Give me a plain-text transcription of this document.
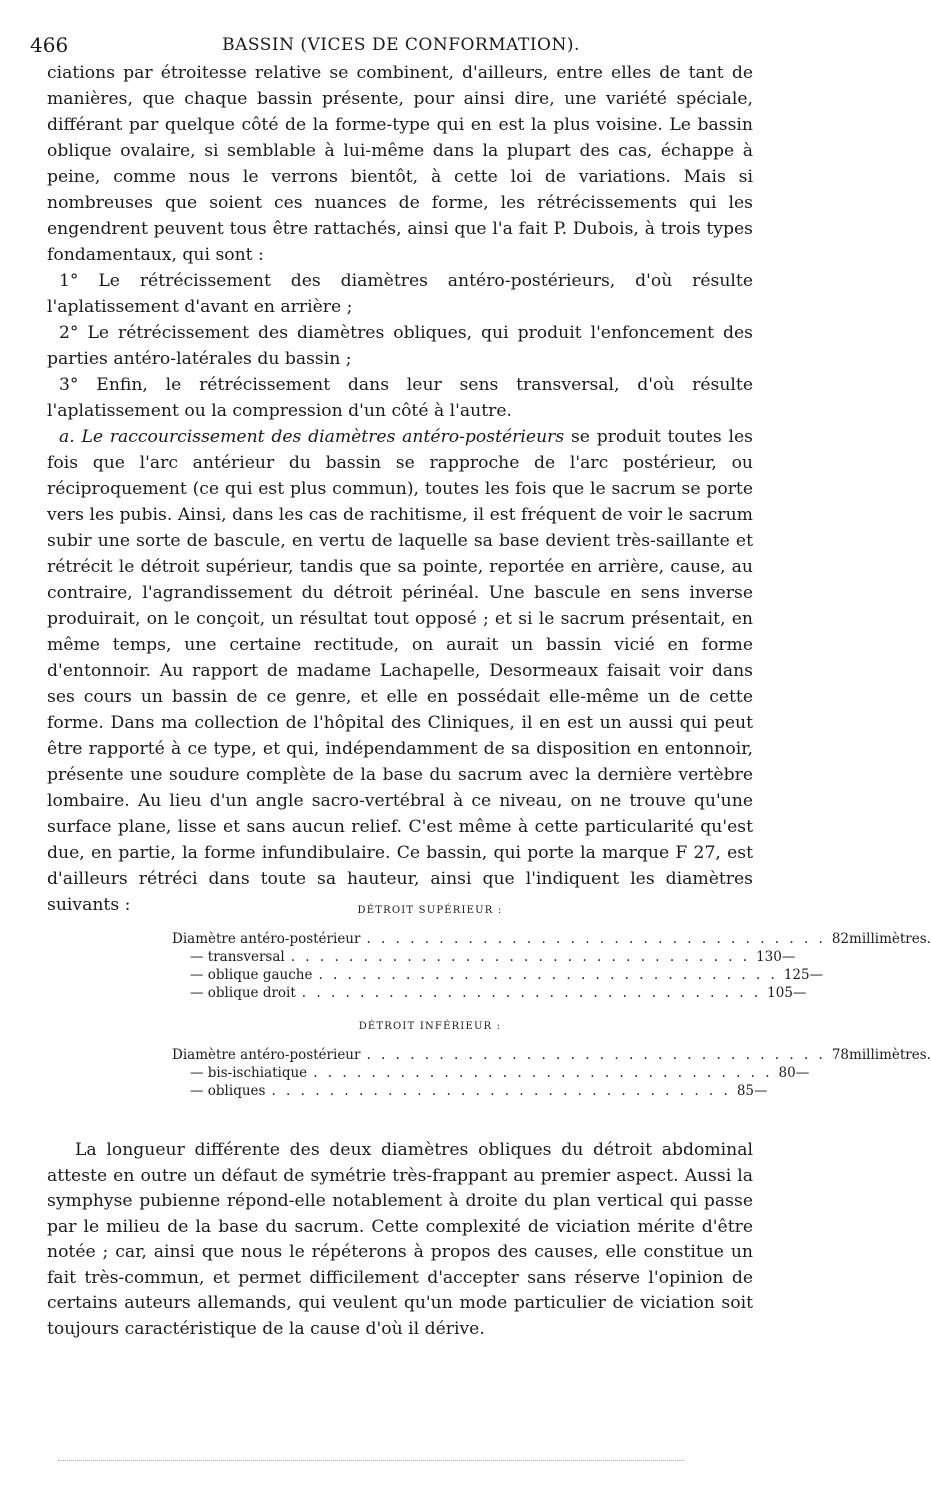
466	BASSIN (VICES DE CONFORMATION).

ciations par étroitesse relative se combinent, d'ailleurs, entre elles de tant de manières, que chaque bassin présente, pour ainsi dire, une variété spéciale, différant par quelque côté de la forme-type qui en est la plus voisine. Le bassin oblique ovalaire, si semblable à lui-même dans la plupart des cas, échappe à peine, comme nous le verrons bientôt, à cette loi de variations. Mais si nombreuses que soient ces nuances de forme, les rétrécissements qui les engendrent peuvent tous être rattachés, ainsi que l'a fait P. Dubois, à trois types fondamentaux, qui sont :

1° Le rétrécissement des diamètres antéro-postérieurs, d'où résulte l'aplatissement d'avant en arrière ;

2° Le rétrécissement des diamètres obliques, qui produit l'enfoncement des parties antéro-latérales du bassin ;

3° Enfin, le rétrécissement dans leur sens transversal, d'où résulte l'aplatissement ou la compression d'un côté à l'autre.

a. Le raccourcissement des diamètres antéro-postérieurs se produit toutes les fois que l'arc antérieur du bassin se rapproche de l'arc postérieur, ou réciproquement (ce qui est plus commun), toutes les fois que le sacrum se porte vers les pubis. Ainsi, dans les cas de rachitisme, il est fréquent de voir le sacrum subir une sorte de bascule, en vertu de laquelle sa base devient très-saillante et rétrécit le détroit supérieur, tandis que sa pointe, reportée en arrière, cause, au contraire, l'agrandissement du détroit périnéal. Une bascule en sens inverse produirait, on le conçoit, un résultat tout opposé ; et si le sacrum présentait, en même temps, une certaine rectitude, on aurait un bassin vicié en forme d'entonnoir. Au rapport de madame Lachapelle, Desormeaux faisait voir dans ses cours un bassin de ce genre, et elle en possédait elle-même un de cette forme. Dans ma collection de l'hôpital des Cliniques, il en est un aussi qui peut être rapporté à ce type, et qui, indépendamment de sa disposition en entonnoir, présente une soudure complète de la base du sacrum avec la dernière vertèbre lombaire. Au lieu d'un angle sacro-vertébral à ce niveau, on ne trouve qu'une surface plane, lisse et sans aucun relief. C'est même à cette particularité qu'est due, en partie, la forme infundibulaire. Ce bassin, qui porte la marque F 27, est d'ailleurs rétréci dans toute sa hauteur, ainsi que l'indiquent les diamètres suivants :	DÉTROIT SUPÉRIEUR :
Diamètre antéro-postérieur . . . . . . . . . . . . . . . . . . . . . . . . . . . . . . . . 82 millimètres.
— transversal . . . . . . . . . . . . . . . . . . . . . . . . . . . . . . . . 130 —
— oblique gauche . . . . . . . . . . . . . . . . . . . . . . . . . . . . . . . . 125 —
— oblique droit . . . . . . . . . . . . . . . . . . . . . . . . . . . . . . . . 105 —
DÉTROIT INFÉRIEUR :
Diamètre antéro-postérieur . . . . . . . . . . . . . . . . . . . . . . . . . . . . . . . . 78 millimètres.
— bis-ischiatique . . . . . . . . . . . . . . . . . . . . . . . . . . . . . . . . 80 —
— obliques . . . . . . . . . . . . . . . . . . . . . . . . . . . . . . . . 85 —

La longueur différente des deux diamètres obliques du détroit abdominal atteste en outre un défaut de symétrie très-frappant au premier aspect. Aussi la symphyse pubienne répond-elle notablement à droite du plan vertical qui passe par le milieu de la base du sacrum. Cette complexité de viciation mérite d'être notée ; car, ainsi que nous le répéterons à propos des causes, elle constitue un fait très-commun, et permet difficilement d'accepter sans réserve l'opinion de certains auteurs allemands, qui veulent qu'un mode particulier de viciation soit toujours caractéristique de la cause d'où il dérive.
